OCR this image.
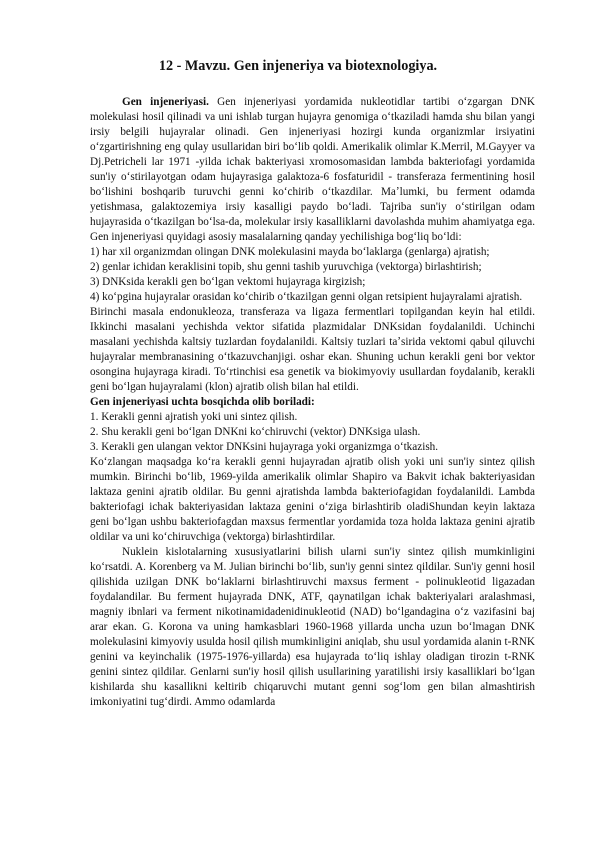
12 - Mavzu. Gen injeneriya va biotexnologiya.

Gen injeneriyasi. Gen injeneriyasi yordamida nukleotidlar tartibi oʻzgargan DNK molekulasi hosil qilinadi va uni ishlab turgan hujayra genomiga oʻtkaziladi hamda shu bilan yangi irsiy belgili hujayralar olinadi. Gen injeneriyasi hozirgi kunda organizmlar irsiyatini oʻzgartirishning eng qulay usullaridan biri boʻlib qoldi. Amerikalik olimlar K.Merril, M.Gayyer va Dj.Petricheli lar 1971 -yilda ichak bakteriyasi xromosomasidan lambda bakteriofagi yordamida sun'iy oʻstirilayotgan odam hujayrasiga galaktoza-6 fosfaturidil - transferaza fermentining hosil boʻlishini boshqarib turuvchi genni koʻchirib oʻtkazdilar. Maʼlumki, bu ferment odamda yetishmasa, galaktozemiya irsiy kasalligi paydo boʻladi. Tajriba sun'iy oʻstirilgan odam hujayrasida oʻtkazilgan boʻlsa-da, molekular irsiy kasalliklarni davolashda muhim ahamiyatga ega. Gen injeneriyasi quyidagi asosiy masalalarning qanday yechilishiga bogʻliq boʻldi:

1) har xil organizmdan olingan DNK molekulasini mayda boʻlaklarga (genlarga) ajratish;

2) genlar ichidan keraklisini topib, shu genni tashib yuruvchiga (vektorga) birlashtirish;

3) DNKsida kerakli gen boʻlgan vektomi hujayraga kirgizish;

4) koʻpgina hujayralar orasidan koʻchirib oʻtkazilgan genni olgan retsipient hujayralami ajratish.

Birinchi masala endonukleoza, transferaza va ligaza fermentlari topilgandan keyin hal etildi. Ikkinchi masalani yechishda vektor sifatida plazmidalar DNKsidan foydalanildi. Uchinchi masalani yechishda kaltsiy tuzlardan foydalanildi. Kaltsiy tuzlari taʼsirida vektomi qabul qiluvchi hujayralar membranasining oʻtkazuvchanjigi. oshar ekan. Shuning uchun kerakli geni bor vektor osongina hujayraga kiradi. Toʻrtinchisi esa genetik va biokimyoviy usullardan foydalanib, kerakli geni boʻlgan hujayralami (klon) ajratib olish bilan hal etildi.

Gen injeneriyasi uchta bosqichda olib boriladi:

1. Kerakli genni ajratish yoki uni sintez qilish.

2. Shu kerakli geni boʻlgan DNKni koʻchiruvchi (vektor) DNKsiga ulash.

3. Kerakli gen ulangan vektor DNKsini hujayraga yoki organizmga oʻtkazish.

Koʻzlangan maqsadga koʻra kerakli genni hujayradan ajratib olish yoki uni sun'iy sintez qilish mumkin. Birinchi boʻlib, 1969-yilda amerikalik olimlar Shapiro va Bakvit ichak bakteriyasidan laktaza genini ajratib oldilar. Bu genni ajratishda lambda bakteriofagidan foydalanildi. Lambda bakteriofagi ichak bakteriyasidan laktaza genini oʻziga birlashtirib oladiShundan keyin laktaza geni boʻlgan ushbu bakteriofagdan maxsus fermentlar yordamida toza holda laktaza genini ajratib oldilar va uni koʻchiruvchiga (vektorga) birlashtirdilar.

Nuklein kislotalarning xususiyatlarini bilish ularni sun'iy sintez qilish mumkinligini koʻrsatdi. A. Korenberg va M. Julian birinchi boʻlib, sun'iy genni sintez qildilar. Sun'iy genni hosil qilishida uzilgan DNK boʻlaklarni birlashtiruvchi maxsus ferment - polinukleotid ligazadan foydalandilar. Bu ferment hujayrada DNK, ATF, qaynatilgan ichak bakteriyalari aralashmasi, magniy ibnlari va ferment nikotinamidadenidinukleotid (NAD) boʻlgandagina oʻz vazifasini baj arar ekan. G. Korona va uning hamkasblari 1960-1968 yillarda uncha uzun boʻlmagan DNK molekulasini kimyoviy usulda hosil qilish mumkinligini aniqlab, shu usul yordamida alanin t-RNK genini va keyinchalik (1975-1976-yillarda) esa hujayrada toʻliq ishlay oladigan tirozin t-RNK genini sintez qildilar. Genlarni sun'iy hosil qilish usullarining yaratilishi irsiy kasalliklari boʻlgan kishilarda shu kasallikni keltirib chiqaruvchi mutant genni sogʻlom gen bilan almashtirish imkoniyatini tugʻdirdi. Ammo odamlarda
